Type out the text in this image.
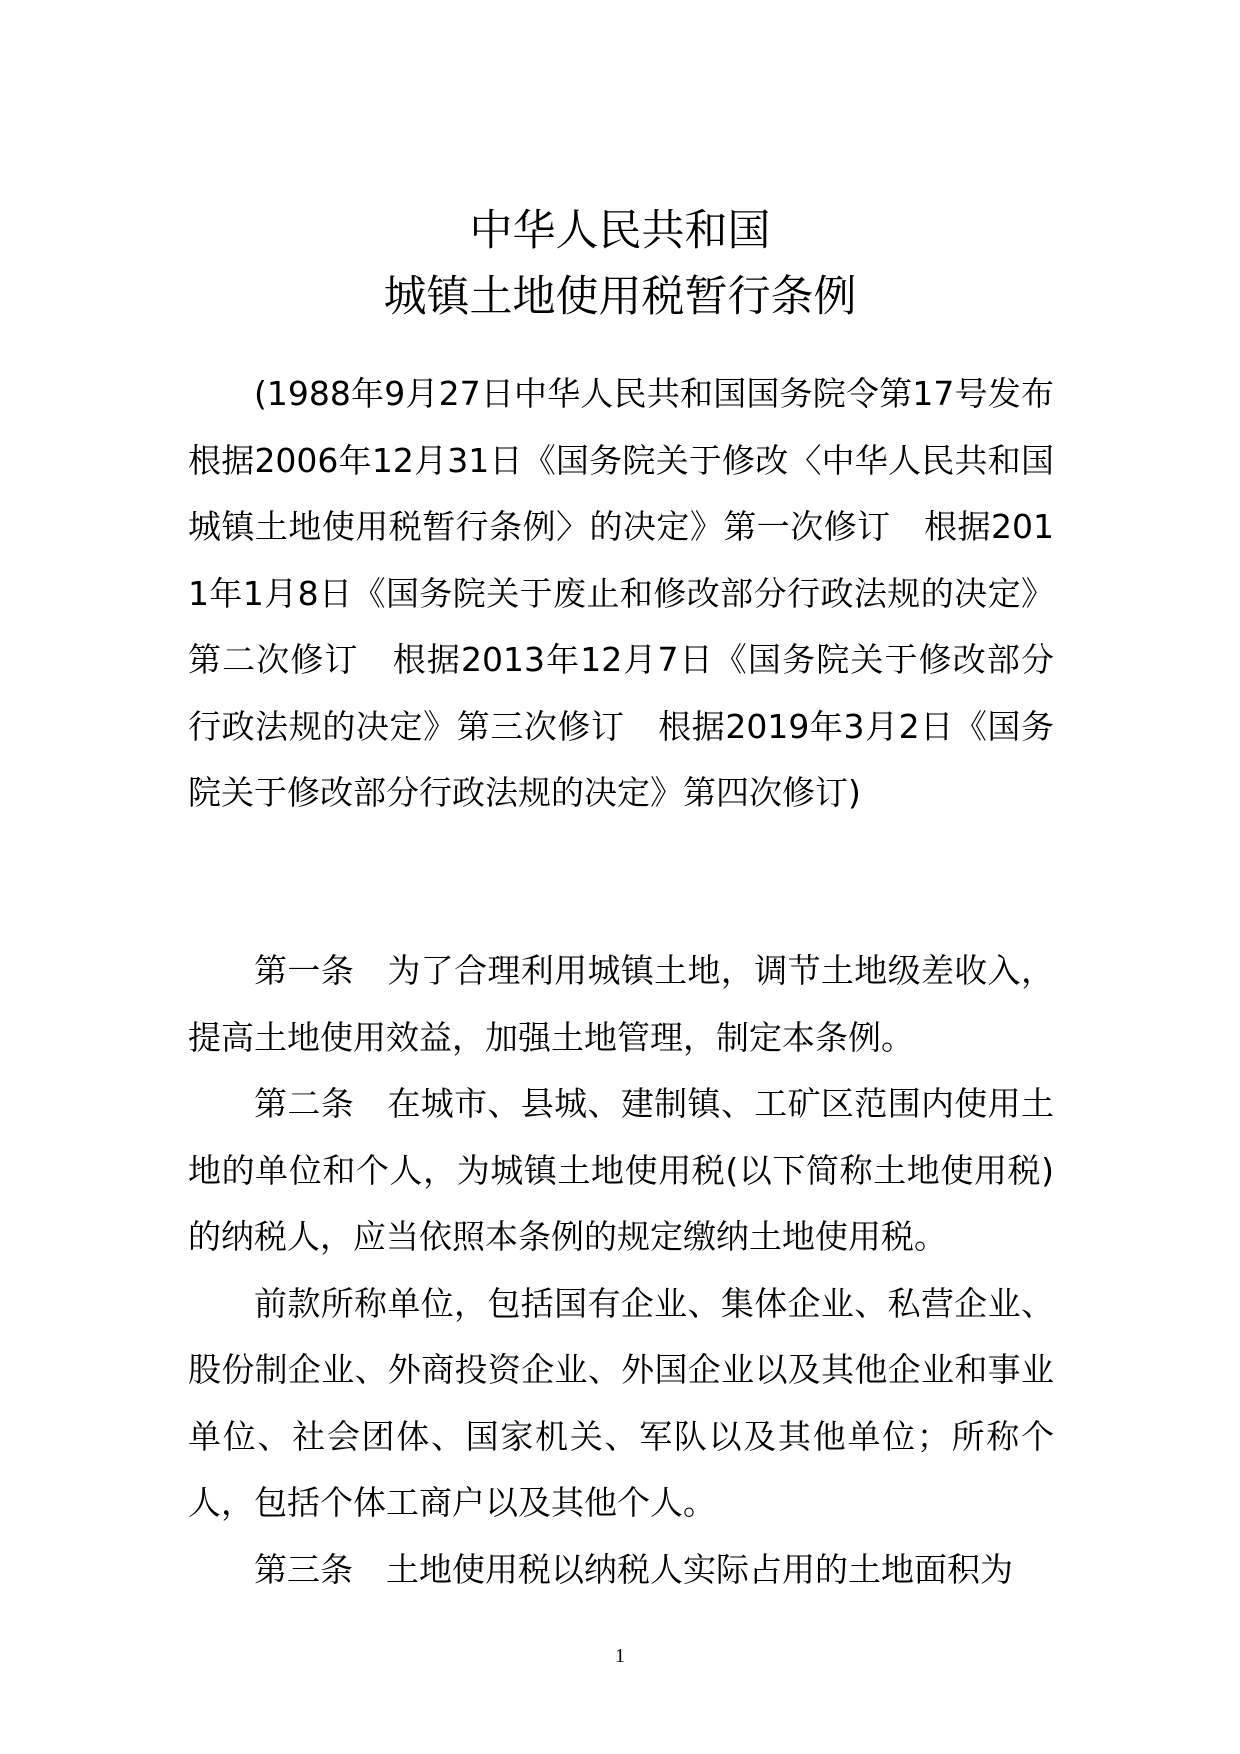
中华人民共和国
城镇土地使用税暂行条例

(1988年9月27日中华人民共和国国务院令第17号发布　根据2006年12月31日《国务院关于修改〈中华人民共和国城镇土地使用税暂行条例〉的决定》第一次修订　根据2011年1月8日《国务院关于废止和修改部分行政法规的决定》第二次修订　根据2013年12月7日《国务院关于修改部分行政法规的决定》第三次修订　根据2019年3月2日《国务院关于修改部分行政法规的决定》第四次修订)

第一条　为了合理利用城镇土地，调节土地级差收入，提高土地使用效益，加强土地管理，制定本条例。

第二条　在城市、县城、建制镇、工矿区范围内使用土地的单位和个人，为城镇土地使用税(以下简称土地使用税)的纳税人，应当依照本条例的规定缴纳土地使用税。

前款所称单位，包括国有企业、集体企业、私营企业、股份制企业、外商投资企业、外国企业以及其他企业和事业单位、社会团体、国家机关、军队以及其他单位；所称个人，包括个体工商户以及其他个人。

第三条　土地使用税以纳税人实际占用的土地面积为

1
